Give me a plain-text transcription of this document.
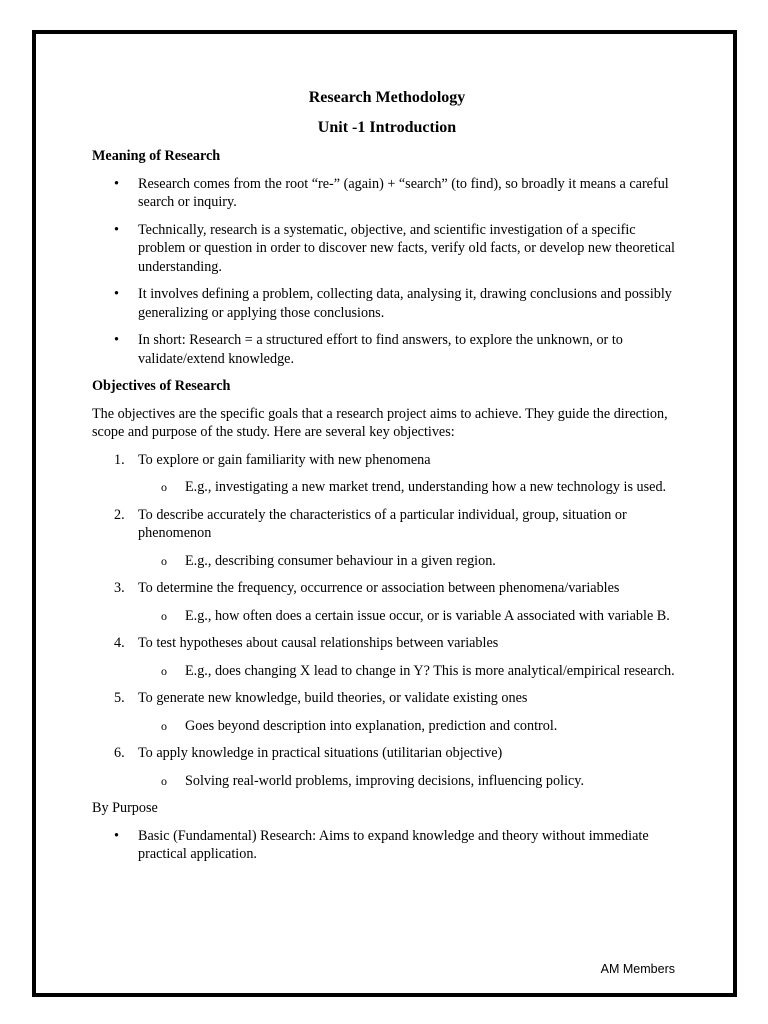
Research Methodology
Unit -1 Introduction
Meaning of Research
• Research comes from the root “re-” (again) + “search” (to find), so broadly it means a careful search or inquiry.
• Technically, research is a systematic, objective, and scientific investigation of a specific problem or question in order to discover new facts, verify old facts, or develop new theoretical understanding.
• It involves defining a problem, collecting data, analysing it, drawing conclusions and possibly generalizing or applying those conclusions.
• In short: Research = a structured effort to find answers, to explore the unknown, or to validate/extend knowledge.
Objectives of Research
The objectives are the specific goals that a research project aims to achieve. They guide the direction, scope and purpose of the study. Here are several key objectives:
1. To explore or gain familiarity with new phenomena
o E.g., investigating a new market trend, understanding how a new technology is used.
2. To describe accurately the characteristics of a particular individual, group, situation or phenomenon
o E.g., describing consumer behaviour in a given region.
3. To determine the frequency, occurrence or association between phenomena/variables
o E.g., how often does a certain issue occur, or is variable A associated with variable B.
4. To test hypotheses about causal relationships between variables
o E.g., does changing X lead to change in Y? This is more analytical/empirical research.
5. To generate new knowledge, build theories, or validate existing ones
o Goes beyond description into explanation, prediction and control.
6. To apply knowledge in practical situations (utilitarian objective)
o Solving real-world problems, improving decisions, influencing policy.
By Purpose
• Basic (Fundamental) Research: Aims to expand knowledge and theory without immediate practical application.
AM Members
